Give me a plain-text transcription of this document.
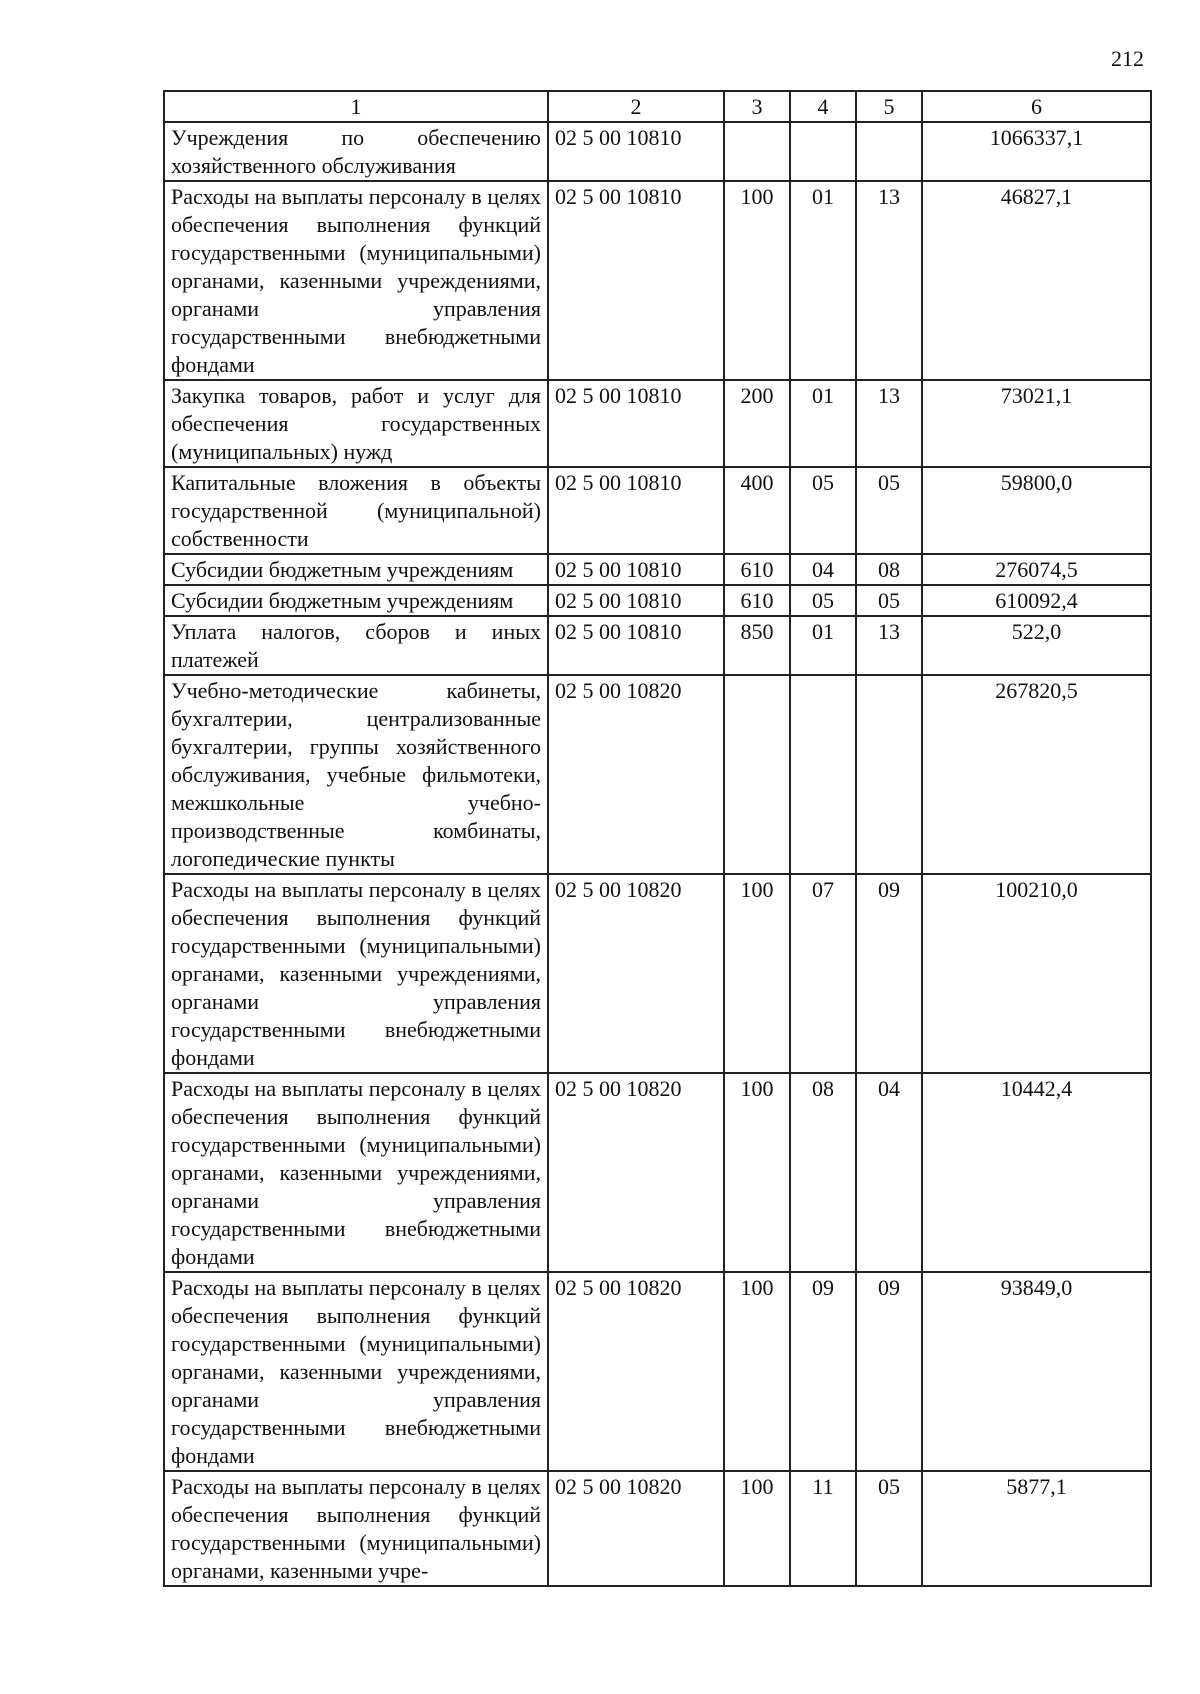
212
1	2	3	4	5	6
Учреждения по обеспечению хозяйственного обслуживания	02 5 00 10810				1066337,1
Расходы на выплаты персоналу в целях обеспечения выполнения функций государственными (муниципальными) органами, казенными учреждениями, органами управления государственными внебюджетными фондами	02 5 00 10810	100	01	13	46827,1
Закупка товаров, работ и услуг для обеспечения государственных (муниципальных) нужд	02 5 00 10810	200	01	13	73021,1
Капитальные вложения в объекты государственной (муниципальной) собственности	02 5 00 10810	400	05	05	59800,0
Субсидии бюджетным учреждениям	02 5 00 10810	610	04	08	276074,5
Субсидии бюджетным учреждениям	02 5 00 10810	610	05	05	610092,4
Уплата налогов, сборов и иных платежей	02 5 00 10810	850	01	13	522,0
Учебно-методические кабинеты, бухгалтерии, централизованные бухгалтерии, группы хозяйственного обслуживания, учебные фильмотеки, межшкольные учебно-производственные комбинаты, логопедические пункты	02 5 00 10820				267820,5
Расходы на выплаты персоналу в целях обеспечения выполнения функций государственными (муниципальными) органами, казенными учреждениями, органами управления государственными внебюджетными фондами	02 5 00 10820	100	07	09	100210,0
Расходы на выплаты персоналу в целях обеспечения выполнения функций государственными (муниципальными) органами, казенными учреждениями, органами управления государственными внебюджетными фондами	02 5 00 10820	100	08	04	10442,4
Расходы на выплаты персоналу в целях обеспечения выполнения функций государственными (муниципальными) органами, казенными учреждениями, органами управления государственными внебюджетными фондами	02 5 00 10820	100	09	09	93849,0
Расходы на выплаты персоналу в целях обеспечения выполнения функций государственными (муниципальными) органами, казенными учре-	02 5 00 10820	100	11	05	5877,1
